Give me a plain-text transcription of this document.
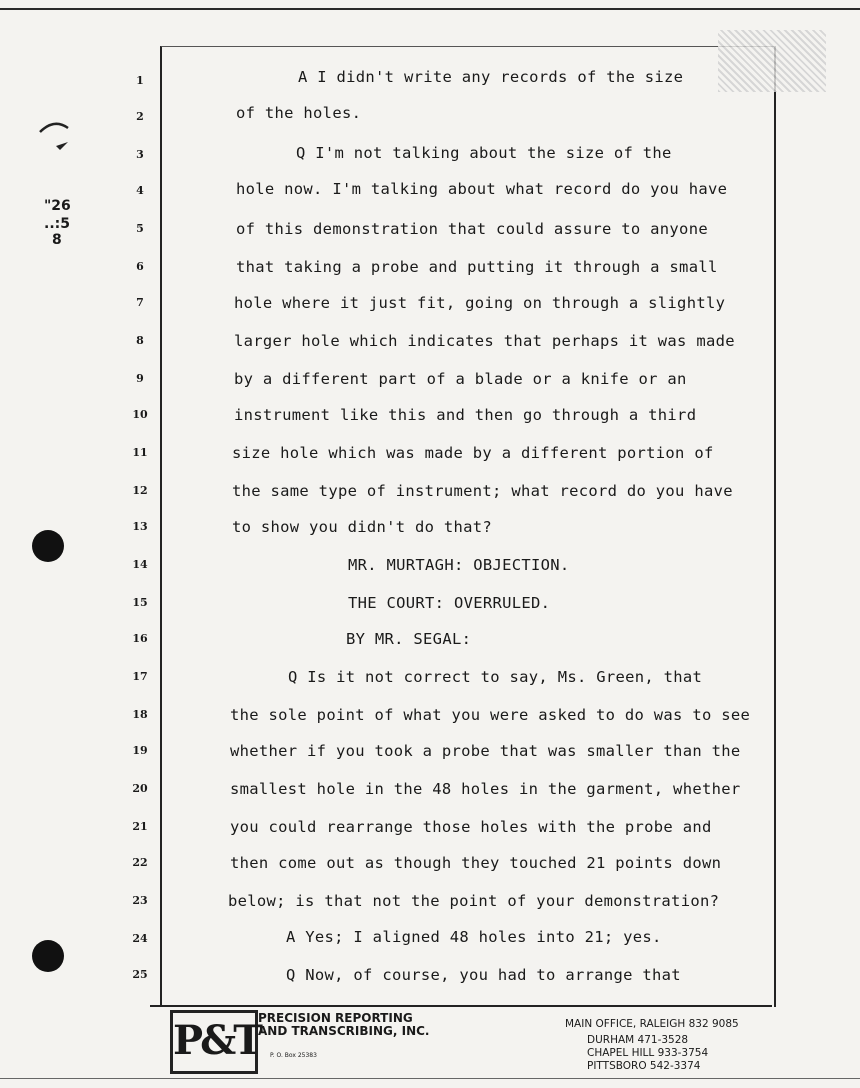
"26
..:5
8
1
2
3
4
5
6
7
8
9
10
11
12
13
14
15
16
17
18
19
20
21
22
23
24
25
A I didn't write any records of the size
of the holes.
Q I'm not talking about the size of the
hole now. I'm talking about what record do you have
of this demonstration that could assure to anyone
that taking a probe and putting it through a small
hole where it just fit, going on through a slightly
larger hole which indicates that perhaps it was made
by a different part of a blade or a knife or an
instrument like this and then go through a third
size hole which was made by a different portion of
the same type of instrument; what record do you have
to show you didn't do that?
MR. MURTAGH: OBJECTION.
THE COURT: OVERRULED.
BY MR. SEGAL:
Q Is it not correct to say, Ms. Green, that
the sole point of what you were asked to do was to see
whether if you took a probe that was smaller than the
smallest hole in the 48 holes in the garment, whether
you could rearrange those holes with the probe and
then come out as though they touched 21 points down
below; is that not the point of your demonstration?
A Yes; I aligned 48 holes into 21; yes.
Q Now, of course, you had to arrange that
P&T
PRECISION REPORTING
AND TRANSCRIBING, INC.
P. O. Box 25383
MAIN OFFICE, RALEIGH 832 9085
DURHAM 471-3528
CHAPEL HILL 933-3754
PITTSBORO 542-3374
